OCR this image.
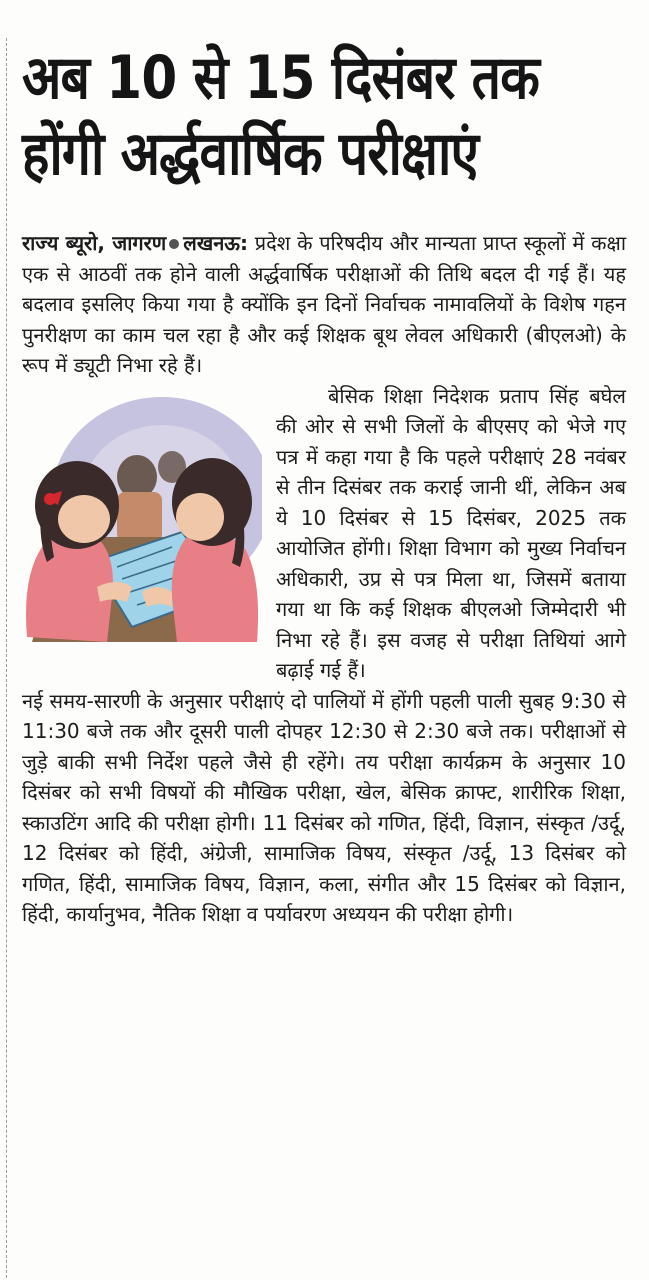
अब 10 से 15 दिसंबर तक
होंगी अर्द्धवार्षिक परीक्षाएं

राज्य ब्यूरो, जागरण लखनऊ: प्रदेश के परिषदीय और मान्यता प्राप्त स्कूलों में कक्षा एक से आठवीं तक होने वाली अर्द्धवार्षिक परीक्षाओं की तिथि बदल दी गई हैं। यह बदलाव इसलिए किया गया है क्योंकि इन दिनों निर्वाचक नामावलियों के विशेष गहन पुनरीक्षण का काम चल रहा है और कई शिक्षक बूथ लेवल अधिकारी (बीएलओ) के रूप में ड्यूटी निभा रहे हैं।

बेसिक शिक्षा निदेशक प्रताप सिंह बघेल की ओर से सभी जिलों के बीएसए को भेजे गए पत्र में कहा गया है कि पहले परीक्षाएं 28 नवंबर से तीन दिसंबर तक कराई जानी थीं, लेकिन अब ये 10 दिसंबर से 15 दिसंबर, 2025 तक आयोजित होंगी। शिक्षा विभाग को मुख्य निर्वाचन अधिकारी, उप्र से पत्र मिला था, जिसमें बताया गया था कि कई शिक्षक बीएलओ जिम्मेदारी भी निभा रहे हैं। इस वजह से परीक्षा तिथियां आगे बढ़ाई गई हैं।

नई समय-सारणी के अनुसार परीक्षाएं दो पालियों में होंगी पहली पाली सुबह 9:30 से 11:30 बजे तक और दूसरी पाली दोपहर 12:30 से 2:30 बजे तक। परीक्षाओं से जुड़े बाकी सभी निर्देश पहले जैसे ही रहेंगे। तय परीक्षा कार्यक्रम के अनुसार 10 दिसंबर को सभी विषयों की मौखिक परीक्षा, खेल, बेसिक क्राफ्ट, शारीरिक शिक्षा, स्काउटिंग आदि की परीक्षा होगी। 11 दिसंबर को गणित, हिंदी, विज्ञान, संस्कृत /उर्दू, 12 दिसंबर को हिंदी, अंग्रेजी, सामाजिक विषय, संस्कृत /उर्दू, 13 दिसंबर को गणित, हिंदी, सामाजिक विषय, विज्ञान, कला, संगीत और 15 दिसंबर को विज्ञान, हिंदी, कार्यानुभव, नैतिक शिक्षा व पर्यावरण अध्ययन की परीक्षा होगी।
